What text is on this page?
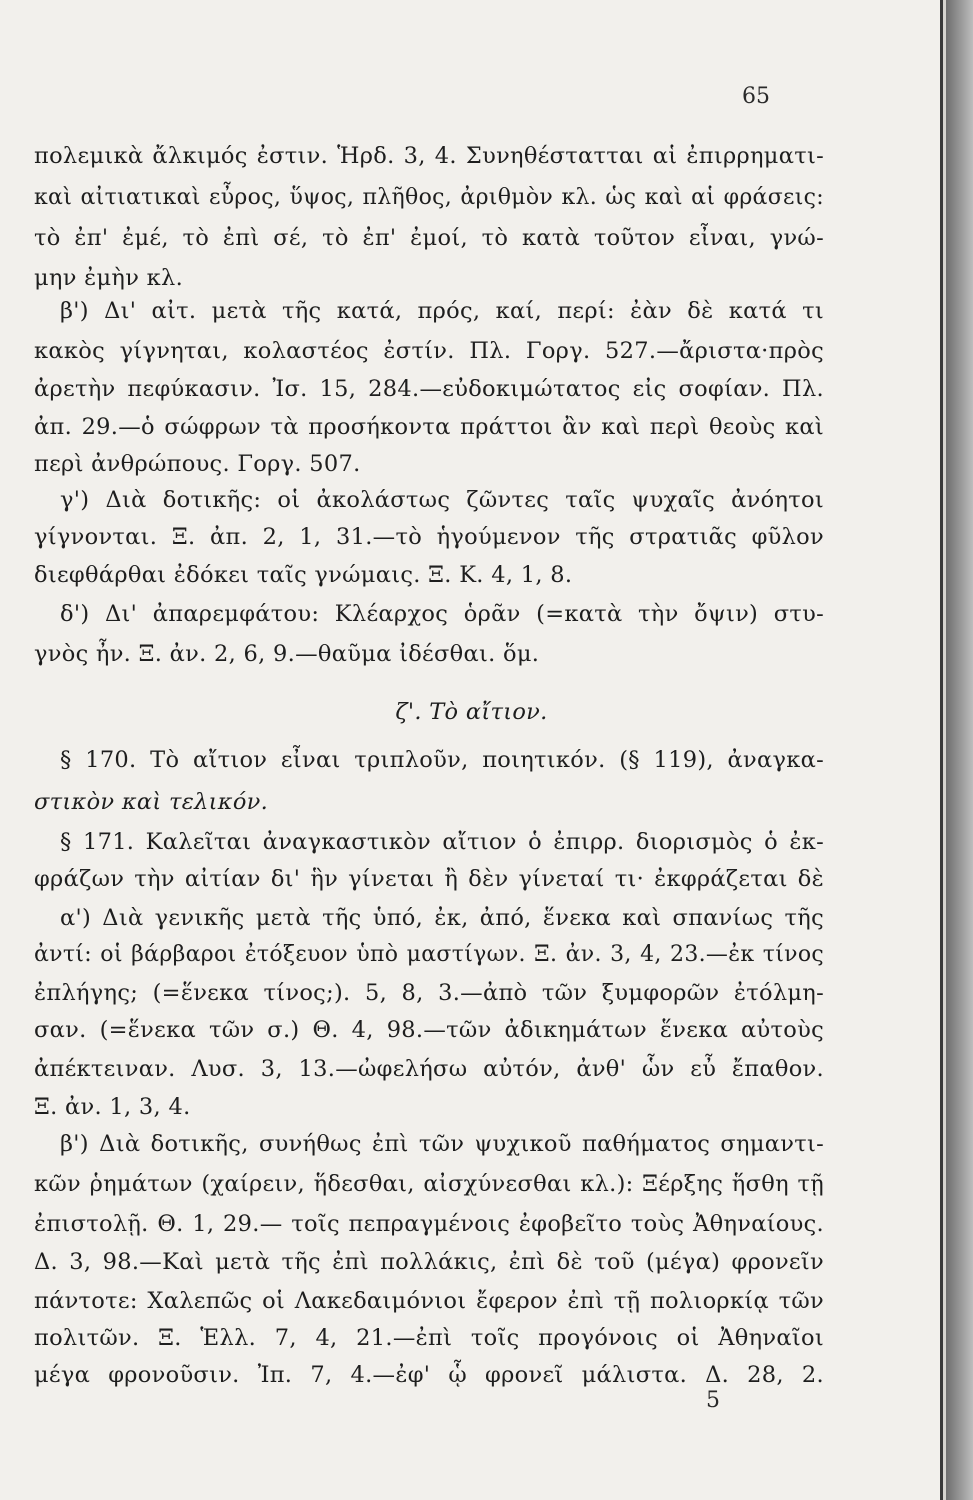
65
πολεμικὰ ἄλκιμός ἐστιν. Ἡρδ. 3, 4. Συνηθέστατται αἱ ἐπιρρηματι-
καὶ αἰτιατικαὶ εὖρος, ὕψος, πλῆθος, ἀριθμὸν κλ. ὡς καὶ αἱ φράσεις:
τὸ ἐπ' ἐμέ, τὸ ἐπὶ σέ, τὸ ἐπ' ἐμοί, τὸ κατὰ τοῦτον εἶναι, γνώ-
μην ἐμὴν κλ.
β') Δι' αἰτ. μετὰ τῆς κατά, πρός, καί, περί: ἐὰν δὲ κατά τι
κακὸς γίγνηται, κολαστέος ἐστίν. Πλ. Γοργ. 527.—ἄριστα·πρὸς
ἀρετὴν πεφύκασιν. Ἰσ. 15, 284.—εὐδοκιμώτατος εἰς σοφίαν. Πλ.
ἀπ. 29.—ὁ σώφρων τὰ προσήκοντα πράττοι ἂν καὶ περὶ θεοὺς καὶ
περὶ ἀνθρώπους. Γοργ. 507.
γ') Διὰ δοτικῆς: οἱ ἀκολάστως ζῶντες ταῖς ψυχαῖς ἀνόητοι
γίγνονται. Ξ. ἀπ. 2, 1, 31.—τὸ ἡγούμενον τῆς στρατιᾶς φῦλον
διεφθάρθαι ἐδόκει ταῖς γνώμαις. Ξ. Κ. 4, 1, 8.
δ') Δι' ἀπαρεμφάτου: Κλέαρχος ὁρᾶν (=κατὰ τὴν ὄψιν) στυ-
γνὸς ἦν. Ξ. ἀν. 2, 6, 9.—θαῦμα ἰδέσθαι. ὅμ.
ζ'. Τὸ αἴτιον.
§ 170. Τὸ αἴτιον εἶναι τριπλοῦν, ποιητικόν. (§ 119), ἀναγκα-
στικὸν καὶ τελικόν.
§ 171. Καλεῖται ἀναγκαστικὸν αἴτιον ὁ ἐπιρρ. διορισμὸς ὁ ἐκ-
φράζων τὴν αἰτίαν δι' ἣν γίνεται ἢ δὲν γίνεταί τι· ἐκφράζεται δὲ
α') Διὰ γενικῆς μετὰ τῆς ὑπό, ἐκ, ἀπό, ἕνεκα καὶ σπανίως τῆς
ἀντί: οἱ βάρβαροι ἐτόξευον ὑπὸ μαστίγων. Ξ. ἀν. 3, 4, 23.—ἐκ τίνος
ἐπλήγης; (=ἕνεκα τίνος;). 5, 8, 3.—ἀπὸ τῶν ξυμφορῶν ἐτόλμη-
σαν. (=ἕνεκα τῶν σ.) Θ. 4, 98.—τῶν ἀδικημάτων ἕνεκα αὐτοὺς
ἀπέκτειναν. Λυσ. 3, 13.—ὠφελήσω αὐτόν, ἀνθ' ὧν εὖ ἔπαθον.
Ξ. ἀν. 1, 3, 4.
β') Διὰ δοτικῆς, συνήθως ἐπὶ τῶν ψυχικοῦ παθήματος σημαντι-
κῶν ῥημάτων (χαίρειν, ἥδεσθαι, αἰσχύνεσθαι κλ.): Ξέρξης ἥσθη τῇ
ἐπιστολῇ. Θ. 1, 29.— τοῖς πεπραγμένοις ἐφοβεῖτο τοὺς Ἀθηναίους.
Δ. 3, 98.—Καὶ μετὰ τῆς ἐπὶ πολλάκις, ἐπὶ δὲ τοῦ (μέγα) φρονεῖν
πάντοτε: Χαλεπῶς οἱ Λακεδαιμόνιοι ἔφερον ἐπὶ τῇ πολιορκίᾳ τῶν
πολιτῶν. Ξ. Ἑλλ. 7, 4, 21.—ἐπὶ τοῖς προγόνοις οἱ Ἀθηναῖοι
μέγα φρονοῦσιν. Ἰπ. 7, 4.—ἐφ' ᾧ φρονεῖ μάλιστα. Δ. 28, 2.
5
